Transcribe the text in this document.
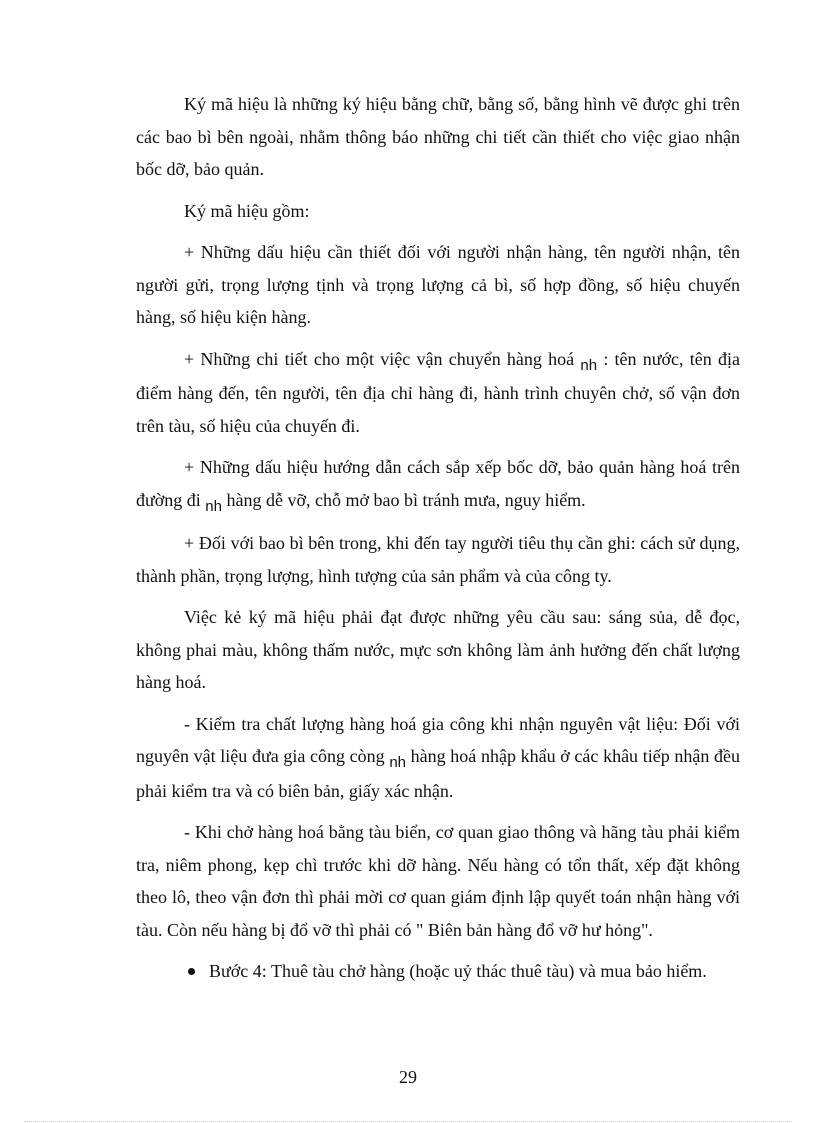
Ký mã hiệu là những ký hiệu bằng chữ, bằng số, bằng hình vẽ được ghi trên các bao bì bên ngoài, nhằm thông báo những chi tiết cần thiết cho việc giao nhận bốc dỡ, bảo quản.

Ký mã hiệu gồm:

+ Những dấu hiệu cần thiết đối với người nhận hàng, tên người nhận, tên người gửi, trọng lượng tịnh và trọng lượng cả bì, số hợp đồng, số hiệu chuyến hàng, số hiệu kiện hàng.

+ Những chi tiết cho một việc vận chuyển hàng hoá $_{nh}$ : tên nước, tên địa điểm hàng đến, tên người, tên địa chỉ hàng đi, hành trình chuyên chở, số vận đơn trên tàu, số hiệu của chuyến đi.

+ Những dấu hiệu hướng dẫn cách sắp xếp bốc dỡ, bảo quản hàng hoá trên đường đi $_{nh}$ hàng dễ vỡ, chỗ mở bao bì tránh mưa, nguy hiểm.

+ Đối với bao bì bên trong, khi đến tay người tiêu thụ cần ghi: cách sử dụng, thành phần, trọng lượng, hình tượng của sản phẩm và của công ty.

Việc kẻ ký mã hiệu phải đạt được những yêu cầu sau: sáng sủa, dễ đọc, không phai màu, không thấm nước, mực sơn không làm ảnh hưởng đến chất lượng hàng hoá.

- Kiểm tra chất lượng hàng hoá gia công khi nhận nguyên vật liệu: Đối với nguyên vật liệu đưa gia công còng $_{nh}$ hàng hoá nhập khẩu ở các khâu tiếp nhận đều phải kiểm tra và có biên bản, giấy xác nhận.

- Khi chở hàng hoá bằng tàu biển, cơ quan giao thông và hãng tàu phải kiểm tra, niêm phong, kẹp chì trước khi dỡ hàng. Nếu hàng có tổn thất, xếp đặt không theo lô, theo vận đơn thì phải mời cơ quan giám định lập quyết toán nhận hàng với tàu. Còn nếu hàng bị đổ vỡ thì phải có " Biên bản hàng đổ vỡ hư hỏng".

Bước 4: Thuê tàu chở hàng (hoặc uỷ thác thuê tàu) và mua bảo hiểm.

29
